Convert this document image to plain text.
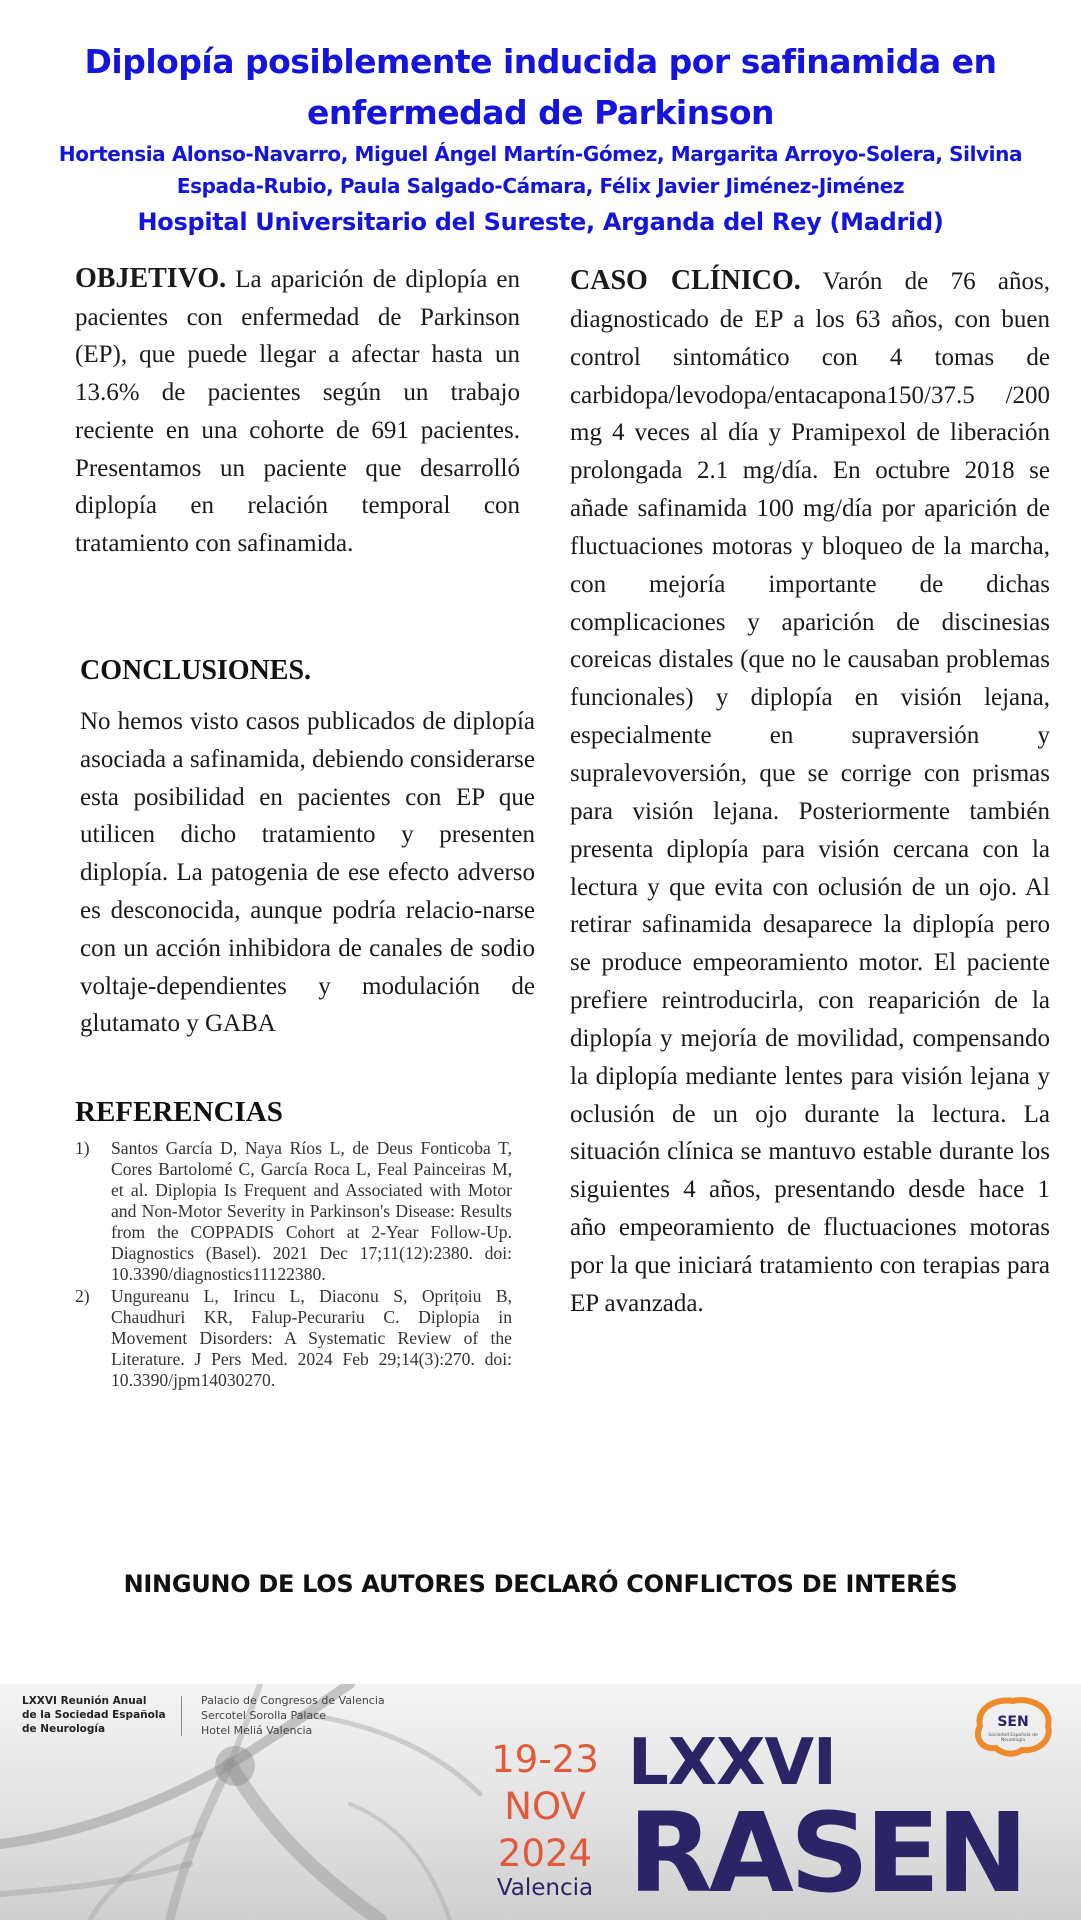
Diplopía posiblemente inducida por safinamida en enfermedad de Parkinson
Hortensia Alonso-Navarro, Miguel Ángel Martín-Gómez, Margarita Arroyo-Solera, Silvina Espada-Rubio, Paula Salgado-Cámara, Félix Javier Jiménez-Jiménez
Hospital Universitario del Sureste, Arganda del Rey (Madrid)
OBJETIVO. La aparición de diplopía en pacientes con enfermedad de Parkinson (EP), que puede llegar a afectar hasta un 13.6% de pacientes según un trabajo reciente en una cohorte de 691 pacientes. Presentamos un paciente que desarrolló diplopía en relación temporal con tratamiento con safinamida.
CONCLUSIONES.
No hemos visto casos publicados de diplopía asociada a safinamida, debiendo considerarse esta posibilidad en pacientes con EP que utilicen dicho tratamiento y presenten diplopía. La patogenia de ese efecto adverso es desconocida, aunque podría relacio-narse con un acción inhibidora de canales de sodio voltaje-dependientes y modulación de glutamato y GABA
REFERENCIAS
1) Santos García D, Naya Ríos L, de Deus Fonticoba T, Cores Bartolomé C, García Roca L, Feal Painceiras M, et al. Diplopia Is Frequent and Associated with Motor and Non-Motor Severity in Parkinson's Disease: Results from the COPPADIS Cohort at 2-Year Follow-Up. Diagnostics (Basel). 2021 Dec 17;11(12):2380. doi: 10.3390/diagnostics11122380.
2) Ungureanu L, Irincu L, Diaconu S, Oprițoiu B, Chaudhuri KR, Falup-Pecurariu C. Diplopia in Movement Disorders: A Systematic Review of the Literature. J Pers Med. 2024 Feb 29;14(3):270. doi: 10.3390/jpm14030270.
CASO CLÍNICO. Varón de 76 años, diagnosticado de EP a los 63 años, con buen control sintomático con 4 tomas de carbidopa/levodopa/entacapona150/37.5 /200 mg 4 veces al día y Pramipexol de liberación prolongada 2.1 mg/día. En octubre 2018 se añade safinamida 100 mg/día por aparición de fluctuaciones motoras y bloqueo de la marcha, con mejoría importante de dichas complicaciones y aparición de discinesias coreicas distales (que no le causaban problemas funcionales) y diplopía en visión lejana, especialmente en supraversión y supralevoversión, que se corrige con prismas para visión lejana. Posteriormente también presenta diplopía para visión cercana con la lectura y que evita con oclusión de un ojo. Al retirar safinamida desaparece la diplopía pero se produce empeoramiento motor. El paciente prefiere reintroducirla, con reaparición de la diplopía y mejoría de movilidad, compensando la diplopía mediante lentes para visión lejana y oclusión de un ojo durante la lectura. La situación clínica se mantuvo estable durante los siguientes 4 años, presentando desde hace 1 año empeoramiento de fluctuaciones motoras por la que iniciará tratamiento con terapias para EP avanzada.
NINGUNO DE LOS AUTORES DECLARÓ CONFLICTOS DE INTERÉS
LXXVI Reunión Anual
de la Sociedad Española
de Neurología
Palacio de Congresos de Valencia
Sercotel Sorolla Palace
Hotel Meliá Valencia
19-23
NOV
2024
Valencia
LXXVI
RASEN
SEN
Sociedad Española de Neurología
